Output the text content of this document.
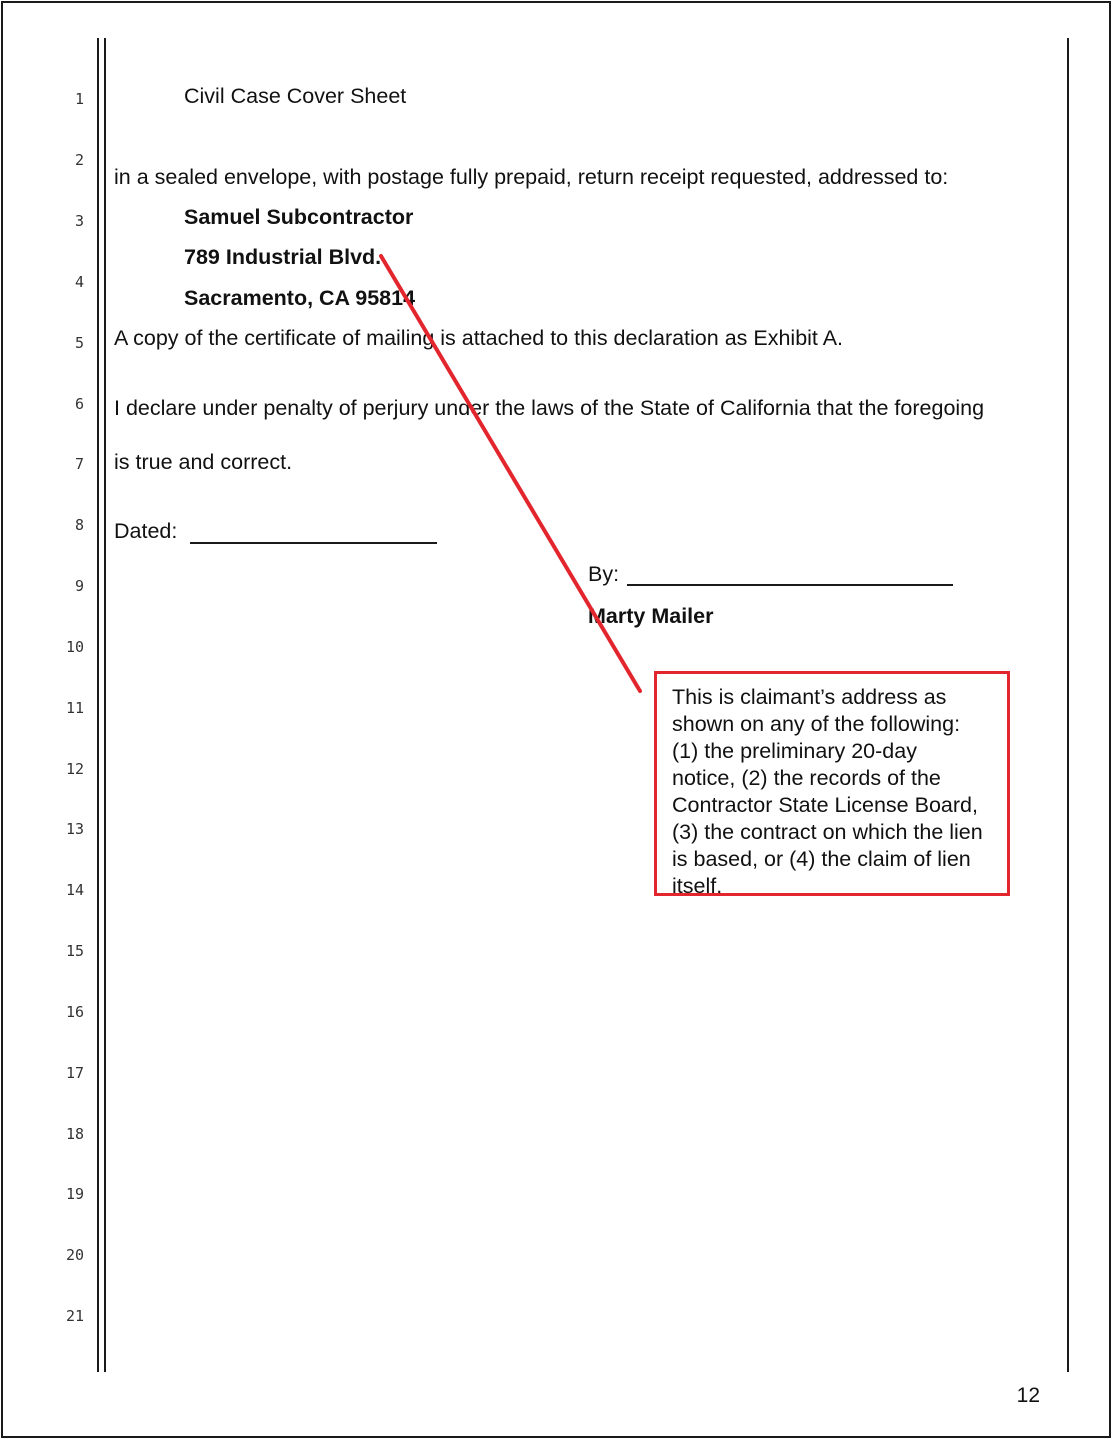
1
2
3
4
5
6
7
8
9
10
11
12
13
14
15
16
17
18
19
20
21
Civil Case Cover Sheet
in a sealed envelope, with postage fully prepaid, return receipt requested, addressed to:
Samuel Subcontractor
789 Industrial Blvd.
Sacramento, CA 95814
A copy of the certificate of mailing is attached to this declaration as Exhibit A.
I declare under penalty of perjury under the laws of the State of California that the foregoing
is true and correct.
Dated:
By:
Marty Mailer
This is claimant’s address as
shown on any of the following:
(1) the preliminary 20-day
notice, (2) the records of the
Contractor State License Board,
(3) the contract on which the lien
is based, or (4) the claim of lien
itself.
12
